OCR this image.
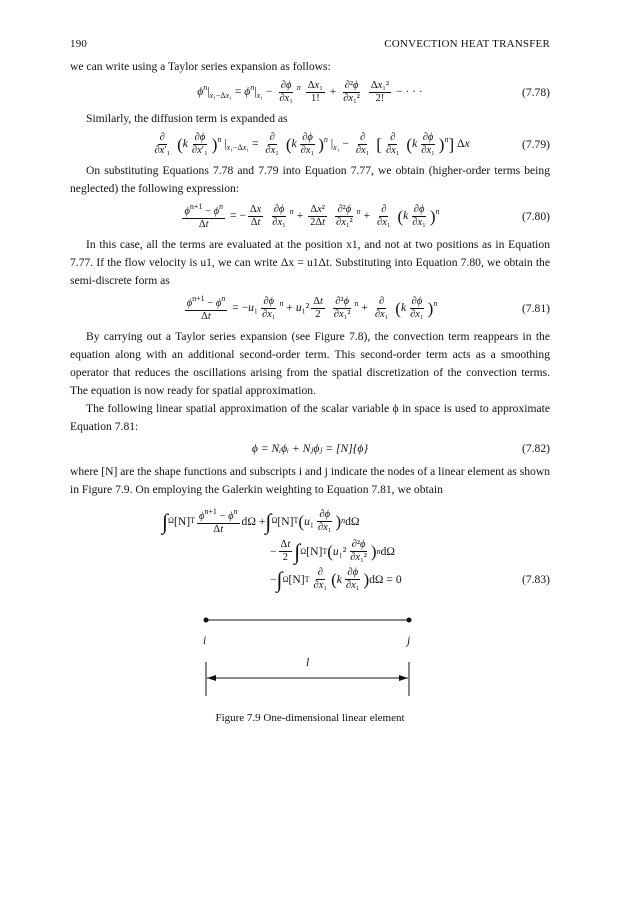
190	CONVECTION HEAT TRANSFER

we can write using a Taylor series expansion as follows:

$\phi^n|_{x_1-\Delta x_1} = \phi^n|_{x_1} - \frac{\partial\phi}{\text{∂x₁}} ^n \frac{\text{Δx₁}}{1!} + \frac{\text{∂²ϕ}}{\text{∂x₁²}}$
$\frac{\text{Δx₁²}}{2!}$ − · · ·	(7.78)

Similarly, the diffusion term is expanded as

$\frac{\partial}{\text{∂x′₁}} (k \frac{\partial\phi}{\text{∂x′₁}} )^n$ $|_{x_1-\Delta x_1} = \frac{\partial}{\text{∂x₁}} (k \frac{\partial\phi}{\text{∂x₁}} )^n$ $|_{x_1} - \frac{\partial}{\text{∂x₁}}$ [ $\frac{\partial}{\text{∂x₁}} (k \frac{\partial\phi}{\text{∂x₁}} )^n$] Δx	(7.79)

On substituting Equations 7.78 and 7.79 into Equation 7.77, we obtain (higher-order terms being neglected) the following expression:

$\frac{\phi^{n+1} - \phi^n}{\Delta t}$ = − $\frac{\Delta x}{\Delta t}$
$\frac{\partial\phi}{\text{∂x₁}} ^n + \frac{\text{Δx²}}{2\Delta t}$
$\frac{\text{∂²ϕ}}{\text{∂x₁²}} ^n + \frac{\partial}{\text{∂x₁}} (k \frac{\partial\phi}{\text{∂x₁}} )^n$	(7.80)

In this case, all the terms are evaluated at the position x1, and not at two positions as in Equation 7.77. If the flow velocity is u1, we can write Δx = u1Δt. Substituting into Equation 7.80, we obtain the semi-discrete form as

$\frac{\phi^{n+1} - \phi^n}{\Delta t} = -u_1 \frac{\partial\phi}{\text{∂x₁}} ^n + u_1^2 \frac{\Delta t}{2}$
$\frac{\text{∂²ϕ}}{\text{∂x₁²}} ^n + \frac{\partial}{\text{∂x₁}} (k \frac{\partial\phi}{\text{∂x₁}} )^n$	(7.81)

By carrying out a Taylor series expansion (see Figure 7.8), the convection term reappears in the equation along with an additional second-order term. This second-order term acts as a smoothing operator that reduces the oscillations arising from the spatial discretization of the convection terms. The equation is now ready for spatial approximation.

The following linear spatial approximation of the scalar variable ϕ in space is used to approximate Equation 7.81:

ϕ = Nᵢϕᵢ + Nⱼϕⱼ = [N]{ϕ}	(7.82)

where [N] are the shape functions and subscripts i and j indicate the nodes of a linear element as shown in Figure 7.9. On employing the Galerkin weighting to Equation 7.81, we obtain

∫ Ω [N] T $\frac{\phi^{n+1} - \phi^n}{\Delta t}$ dΩ + ∫ Ω [N] T ( u $_1 \frac{\partial\phi}{\text{∂x₁}}$ ) n dΩ
− $\frac{\Delta t}{2}$ ∫ Ω [N] T ( u $_1^2 \frac{\text{∂²ϕ}}{\text{∂x₁²}}$ ) n dΩ
− ∫ Ω [N] T $\frac{\partial}{\text{∂x₁}}$ ( k $\frac{\partial\phi}{\text{∂x₁}}$ ) dΩ = 0	(7.83)
i	j
l
Figure 7.9 One-dimensional linear element
